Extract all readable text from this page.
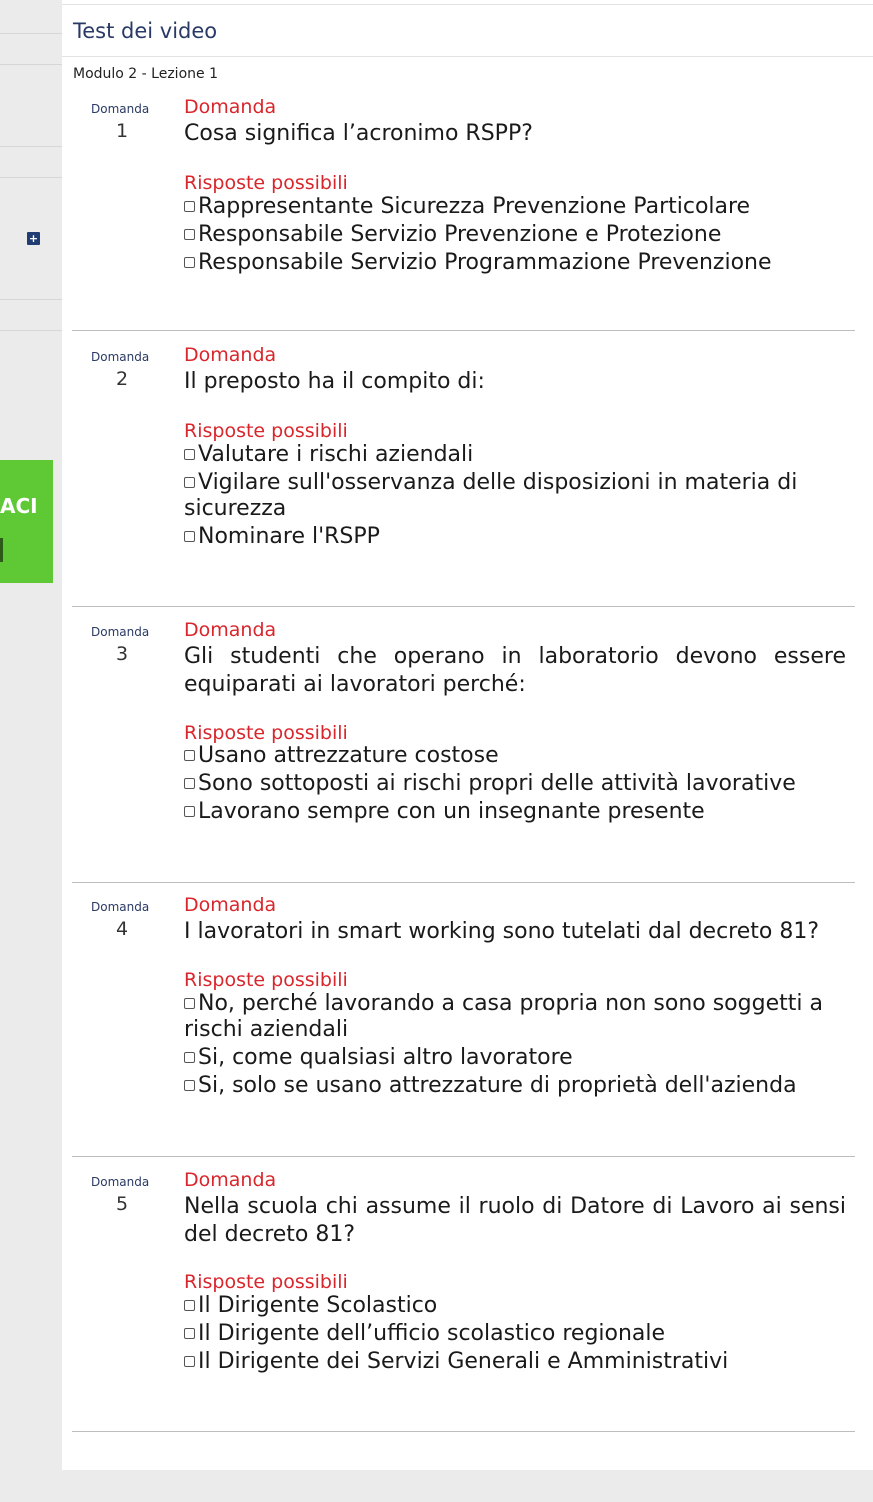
+
ACI
Test dei video
Modulo 2 - Lezione 1
Domanda
1
Domanda
Cosa significa l’acronimo RSPP?
Risposte possibili
Rappresentante Sicurezza Prevenzione Particolare
Responsabile Servizio Prevenzione e Protezione
Responsabile Servizio Programmazione Prevenzione
Domanda
2
Domanda
Il preposto ha il compito di:
Risposte possibili
Valutare i rischi aziendali
Vigilare sull'osservanza delle disposizioni in materia di sicurezza
Nominare l'RSPP
Domanda
3
Domanda
Gli studenti che operano in laboratorio devono essere equiparati ai lavoratori perché:
Risposte possibili
Usano attrezzature costose
Sono sottoposti ai rischi propri delle attività lavorative
Lavorano sempre con un insegnante presente
Domanda
4
Domanda
I lavoratori in smart working sono tutelati dal decreto 81?
Risposte possibili
No, perché lavorando a casa propria non sono soggetti a rischi aziendali
Si, come qualsiasi altro lavoratore
Si, solo se usano attrezzature di proprietà dell'azienda
Domanda
5
Domanda
Nella scuola chi assume il ruolo di Datore di Lavoro ai sensi del decreto 81?
Risposte possibili
Il Dirigente Scolastico
Il Dirigente dell’ufficio scolastico regionale
Il Dirigente dei Servizi Generali e Amministrativi
